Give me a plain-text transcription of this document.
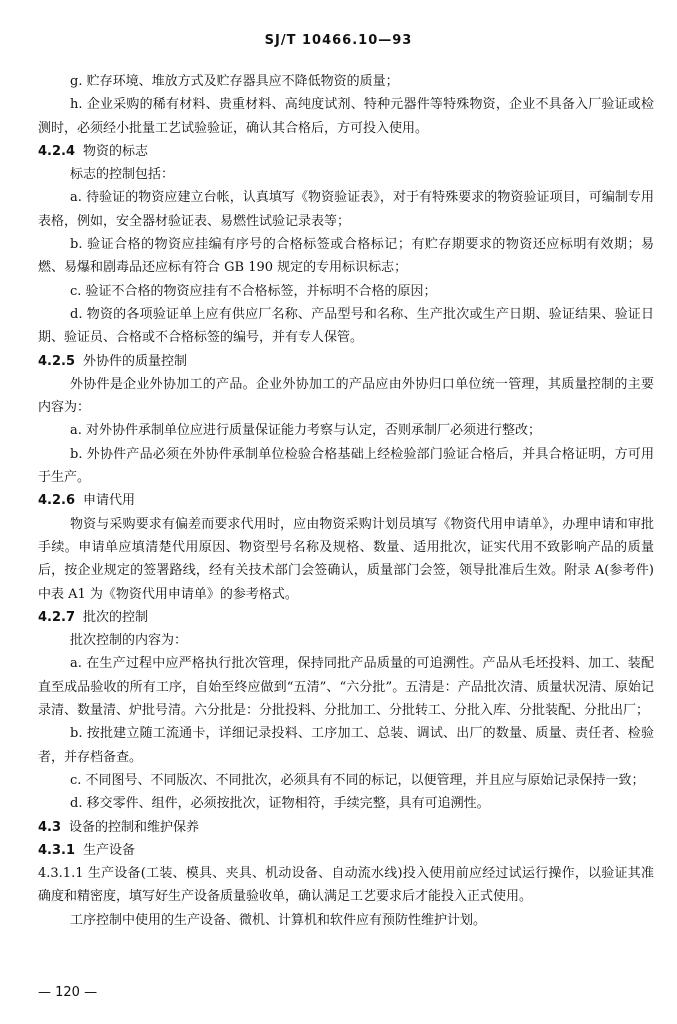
SJ/T 10466.10—93

g. 贮存环境、堆放方式及贮存器具应不降低物资的质量；

h. 企业采购的稀有材料、贵重材料、高纯度试剂、特种元器件等特殊物资，企业不具备入厂验证或检测时，必须经小批量工艺试验验证，确认其合格后，方可投入使用。

4.2.4 物资的标志

标志的控制包括：

a. 待验证的物资应建立台帐，认真填写《物资验证表》，对于有特殊要求的物资验证项目，可编制专用表格，例如，安全器材验证表、易燃性试验记录表等；

b. 验证合格的物资应挂编有序号的合格标签或合格标记；有贮存期要求的物资还应标明有效期；易燃、易爆和剧毒品还应标有符合 GB 190 规定的专用标识标志；

c. 验证不合格的物资应挂有不合格标签，并标明不合格的原因；

d. 物资的各项验证单上应有供应厂名称、产品型号和名称、生产批次或生产日期、验证结果、验证日期、验证员、合格或不合格标签的编号，并有专人保管。

4.2.5 外协件的质量控制

外协件是企业外协加工的产品。企业外协加工的产品应由外协归口单位统一管理，其质量控制的主要内容为：

a. 对外协件承制单位应进行质量保证能力考察与认定，否则承制厂必须进行整改；

b. 外协件产品必须在外协件承制单位检验合格基础上经检验部门验证合格后，并具合格证明，方可用于生产。

4.2.6 申请代用

物资与采购要求有偏差而要求代用时，应由物资采购计划员填写《物资代用申请单》，办理申请和审批手续。申请单应填清楚代用原因、物资型号名称及规格、数量、适用批次，证实代用不致影响产品的质量后，按企业规定的签署路线，经有关技术部门会签确认，质量部门会签，领导批准后生效。附录 A(参考件)中表 A1 为《物资代用申请单》的参考格式。

4.2.7 批次的控制

批次控制的内容为：

a. 在生产过程中应严格执行批次管理，保持同批产品质量的可追溯性。产品从毛坯投料、加工、装配直至成品验收的所有工序，自始至终应做到“五清”、“六分批”。五清是：产品批次清、质量状况清、原始记录清、数量清、炉批号清。六分批是：分批投料、分批加工、分批转工、分批入库、分批装配、分批出厂；

b. 按批建立随工流通卡，详细记录投料、工序加工、总装、调试、出厂的数量、质量、责任者、检验者，并存档备查。

c. 不同图号、不同版次、不同批次，必须具有不同的标记，以便管理，并且应与原始记录保持一致；

d. 移交零件、组件，必须按批次，证物相符，手续完整，具有可追溯性。

4.3 设备的控制和维护保养
4.3.1 生产设备

4.3.1.1 生产设备(工装、模具、夹具、机动设备、自动流水线)投入使用前应经过试运行操作，以验证其准确度和精密度，填写好生产设备质量验收单，确认满足工艺要求后才能投入正式使用。

工序控制中使用的生产设备、微机、计算机和软件应有预防性维护计划。

— 120 —
